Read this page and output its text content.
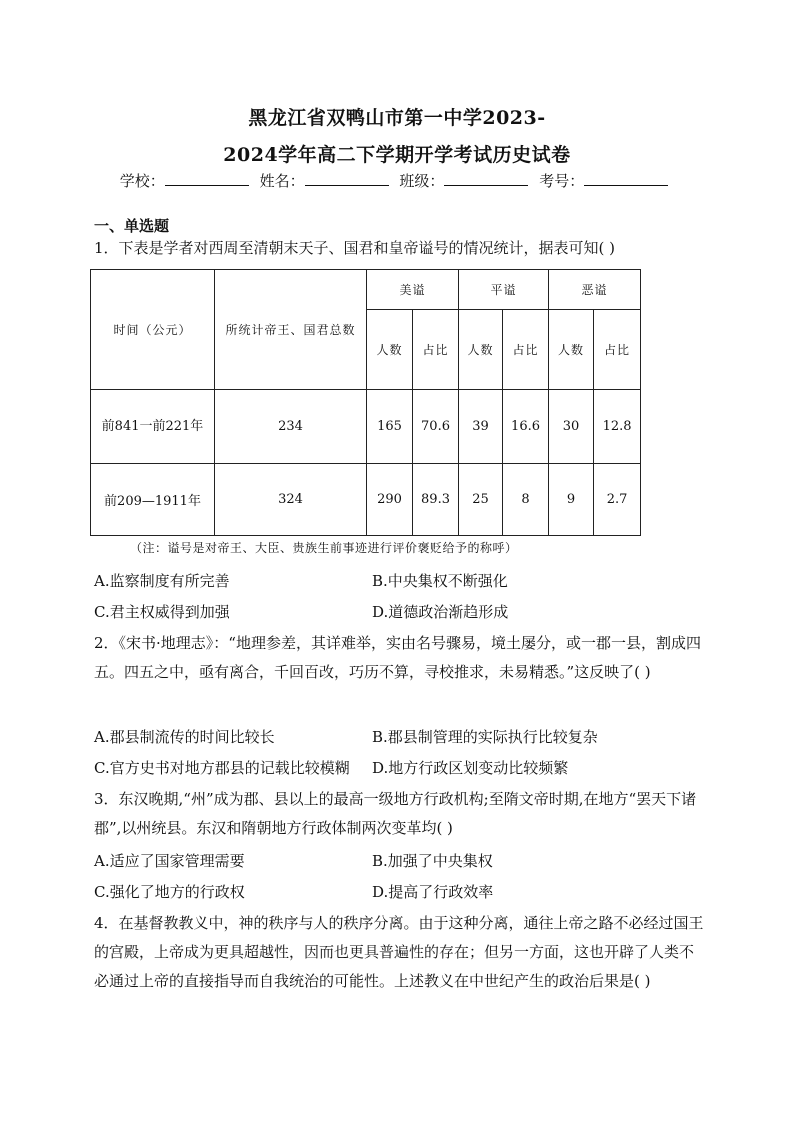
黑龙江省双鸭山市第一中学2023-
2024学年高二下学期开学考试历史试卷
学校：	姓名：	班级：	考号：
一、单选题
1．下表是学者对西周至清朝末天子、国君和皇帝谥号的情况统计，据表可知( )
时间（公元）	所统计帝王、国君总数	美谥		平谥		恶谥	
		人数	占比	人数	占比	人数	占比
前841一前221年	234	165	70.6	39	16.6	30	12.8
前209—1911年	324	290	89.3	25	8	9	2.7
（注：谥号是对帝王、大臣、贵族生前事迹进行评价褒贬给予的称呼）
A.监察制度有所完善	B.中央集权不断强化
C.君主权威得到加强	D.道德政治渐趋形成
2．《宋书·地理志》：“地理参差，其详难举，实由名号骤易，境土屡分，或一郡一县，割成四五。四五之中，亟有离合，千回百改，巧历不算，寻校推求，未易精悉。”这反映了( )
A.郡县制流传的时间比较长	B.郡县制管理的实际执行比较复杂
C.官方史书对地方郡县的记载比较模糊 D.地方行政区划变动比较频繁
3．东汉晚期,“州”成为郡、县以上的最高一级地方行政机构;至隋文帝时期,在地方“罢天下诸郡”,以州统县。东汉和隋朝地方行政体制两次变革均( )
A.适应了国家管理需要	B.加强了中央集权
C.强化了地方的行政权	D.提高了行政效率
4．在基督教教义中，神的秩序与人的秩序分离。由于这种分离，通往上帝之路不必经过国王的宫殿，上帝成为更具超越性，因而也更具普遍性的存在；但另一方面，这也开辟了人类不必通过上帝的直接指导而自我统治的可能性。上述教义在中世纪产生的政治后果是( )
